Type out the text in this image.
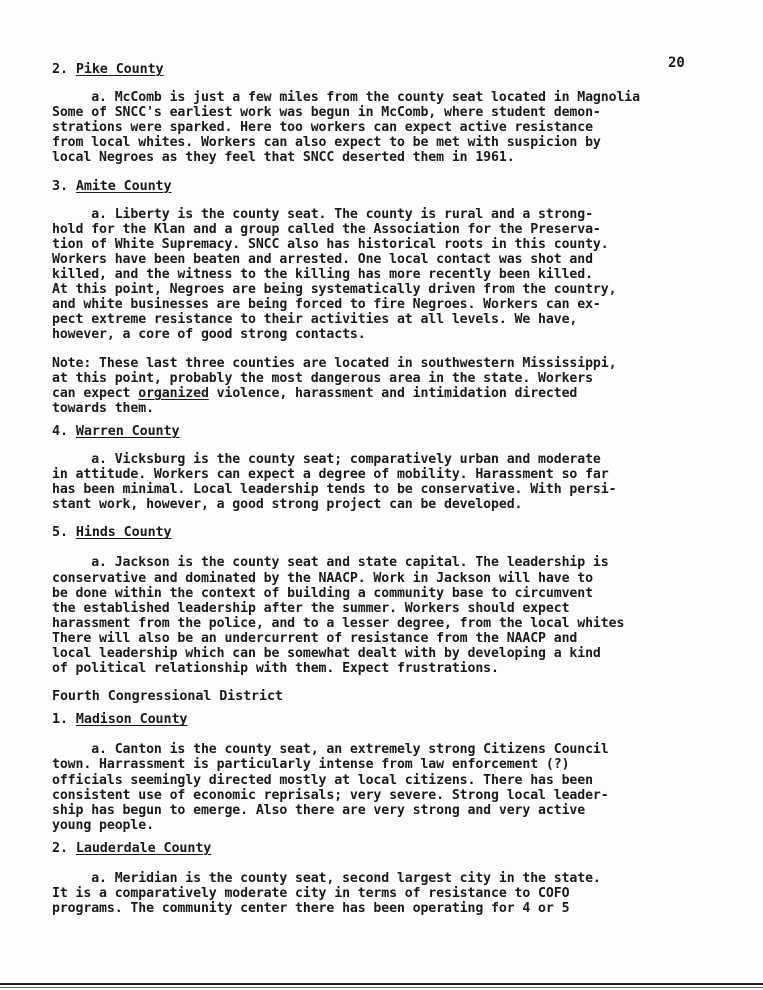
20

2. Pike County

a. McComb is just a few miles from the county seat located in Magnolia

Some of SNCC's earliest work was begun in McComb, where student demon-

strations were sparked. Here too workers can expect active resistance

from local whites. Workers can also expect to be met with suspicion by

local Negroes as they feel that SNCC deserted them in 1961.

3. Amite County

a. Liberty is the county seat. The county is rural and a strong-

hold for the Klan and a group called the Association for the Preserva-

tion of White Supremacy. SNCC also has historical roots in this county.

Workers have been beaten and arrested. One local contact was shot and

killed, and the witness to the killing has more recently been killed.

At this point, Negroes are being systematically driven from the country,

and white businesses are being forced to fire Negroes. Workers can ex-

pect extreme resistance to their activities at all levels. We have,

however, a core of good strong contacts.

Note: These last three counties are located in southwestern Mississippi,

at this point, probably the most dangerous area in the state. Workers

can expect organized violence, harassment and intimidation directed

towards them.

4. Warren County

a. Vicksburg is the county seat; comparatively urban and moderate

in attitude. Workers can expect a degree of mobility. Harassment so far

has been minimal. Local leadership tends to be conservative. With persi-

stant work, however, a good strong project can be developed.

5. Hinds County

a. Jackson is the county seat and state capital. The leadership is

conservative and dominated by the NAACP. Work in Jackson will have to

be done within the context of building a community base to circumvent

the established leadership after the summer. Workers should expect

harassment from the police, and to a lesser degree, from the local whites

There will also be an undercurrent of resistance from the NAACP and

local leadership which can be somewhat dealt with by developing a kind

of political relationship with them. Expect frustrations.

Fourth Congressional District

1. Madison County

a. Canton is the county seat, an extremely strong Citizens Council

town. Harrassment is particularly intense from law enforcement (?)

officials seemingly directed mostly at local citizens. There has been

consistent use of economic reprisals; very severe. Strong local leader-

ship has begun to emerge. Also there are very strong and very active

young people.

2. Lauderdale County

a. Meridian is the county seat, second largest city in the state.

It is a comparatively moderate city in terms of resistance to COFO

programs. The community center there has been operating for 4 or 5
